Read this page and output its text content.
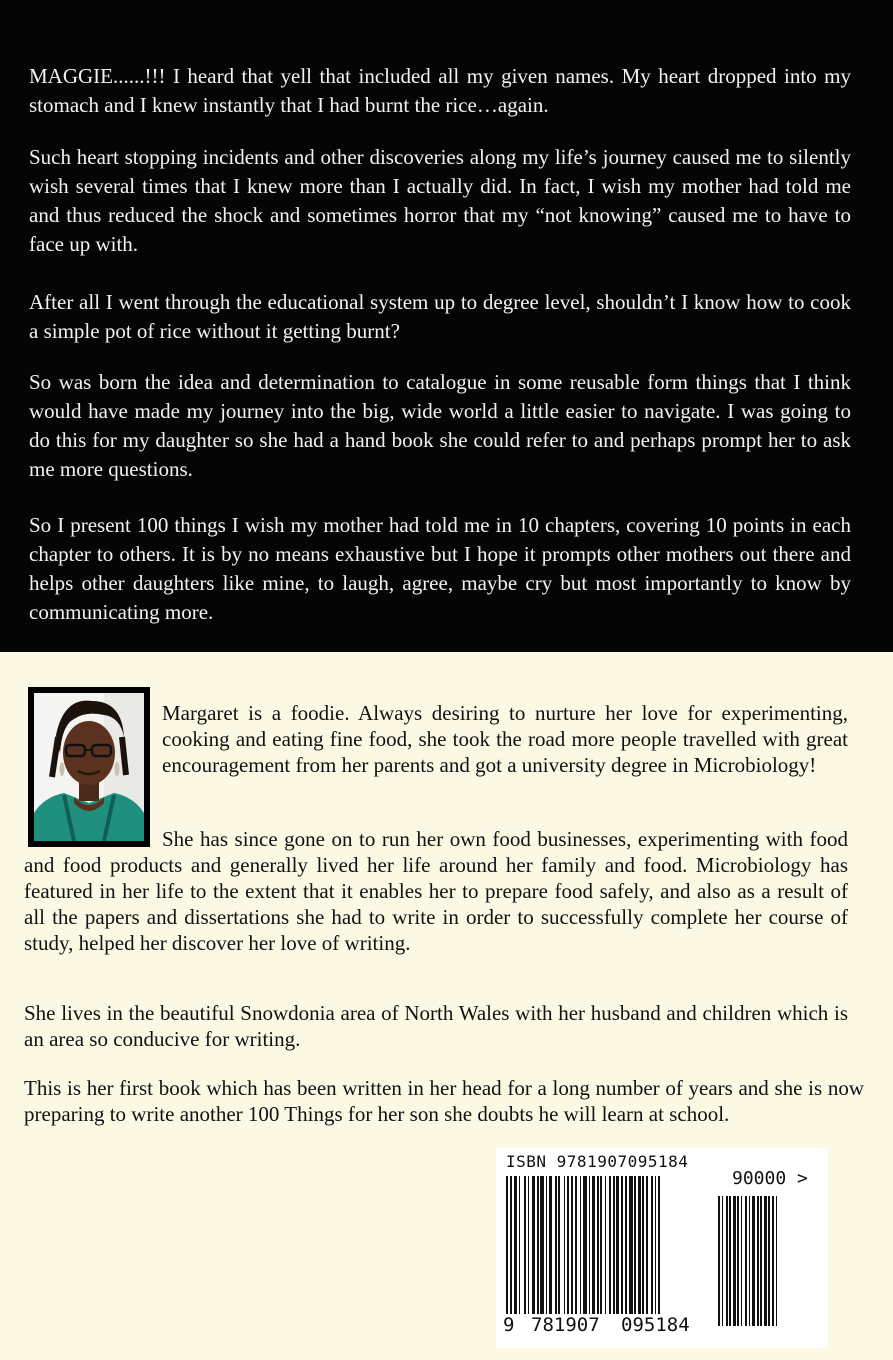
MAGGIE......!!! I heard that yell that included all my given names. My heart dropped into my stomach and I knew instantly that I had burnt the rice…again.

Such heart stopping incidents and other discoveries along my life’s journey caused me to silently wish several times that I knew more than I actually did. In fact, I wish my mother had told me and thus reduced the shock and sometimes horror that my “not knowing” caused me to have to face up with.

After all I went through the educational system up to degree level, shouldn’t I know how to cook a simple pot of rice without it getting burnt?

So was born the idea and determination to catalogue in some reusable form things that I think would have made my journey into the big, wide world a little easier to navigate. I was going to do this for my daughter so she had a hand book she could refer to and perhaps prompt her to ask me more questions.

So I present 100 things I wish my mother had told me in 10 chapters, covering 10 points in each chapter to others. It is by no means exhaustive but I hope it prompts other mothers out there and helps other daughters like mine, to laugh, agree, maybe cry but most importantly to know by communicating more.

Margaret is a foodie. Always desiring to nurture her love for experimenting, cooking and eating fine food, she took the road more people travelled with great encouragement from her parents and got a university degree in Microbiology!

She has since gone on to run her own food businesses, experimenting with food and food products and generally lived her life around her family and food. Microbiology has featured in her life to the extent that it enables her to prepare food safely, and also as a result of all the papers and dissertations she had to write in order to successfully complete her course of study, helped her discover her love of writing.

She lives in the beautiful Snowdonia area of North Wales with her husband and children which is an area so conducive for writing.

This is her first book which has been written in her head for a long number of years and she is now preparing to write another 100 Things for her son she doubts he will learn at school.

ISBN 9781907095184

90000 >

9 781907 095184
